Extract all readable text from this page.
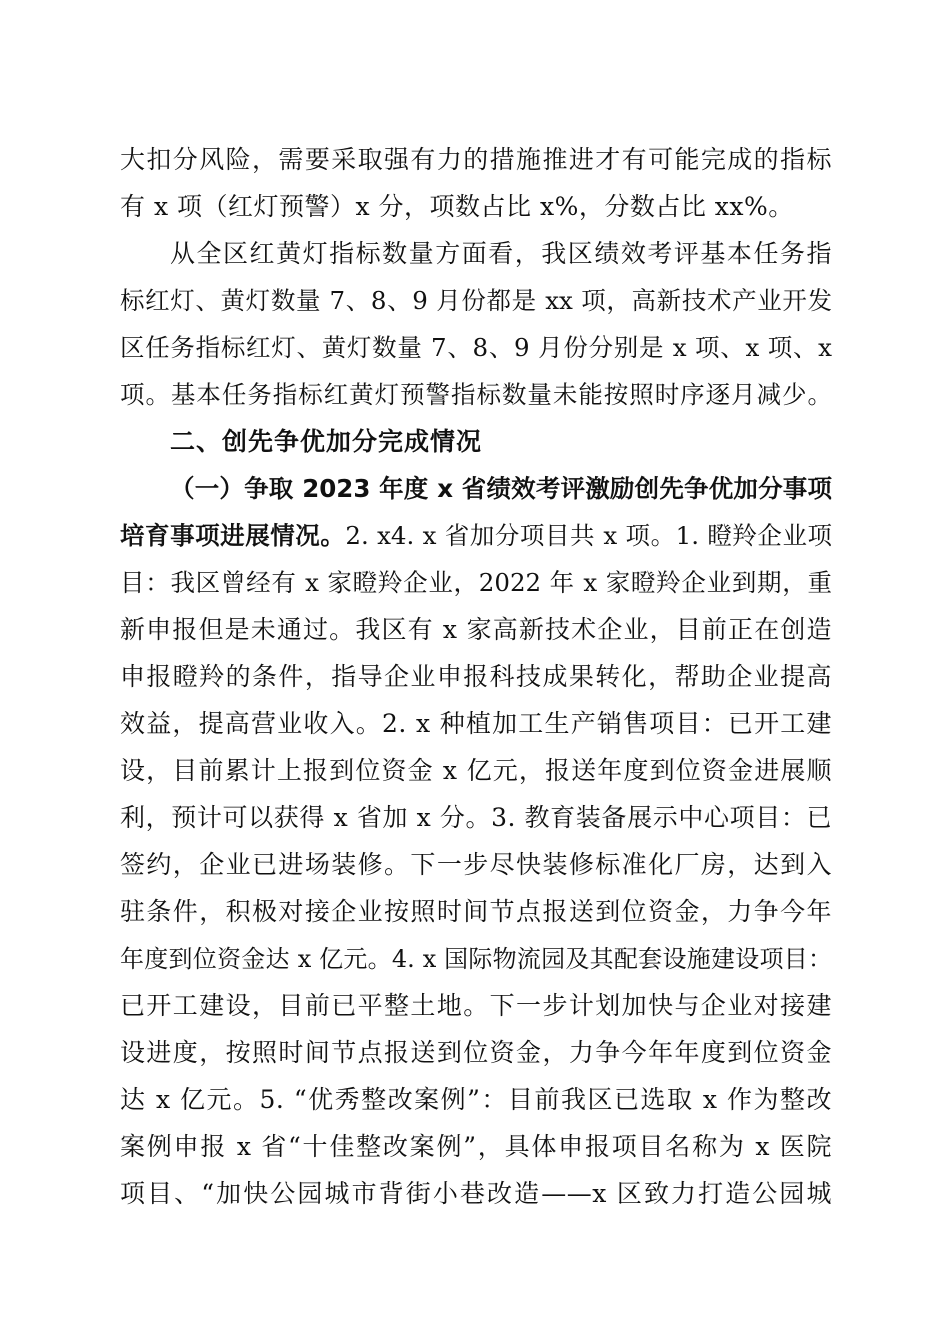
大扣分风险，需要采取强有力的措施推进才有可能完成的指标
有 x 项（红灯预警）x 分，项数占比 x%，分数占比 xx%。
从全区红黄灯指标数量方面看，我区绩效考评基本任务指
标红灯、黄灯数量 7、8、9 月份都是 xx 项，高新技术产业开发
区任务指标红灯、黄灯数量 7、8、9 月份分别是 x 项、x 项、x
项。基本任务指标红黄灯预警指标数量未能按照时序逐月减少。
二、创先争优加分完成情况
（一）争取 2023 年度 x 省绩效考评激励创先争优加分事项
培育事项进展情况。2. x4. x 省加分项目共 x 项。1. 瞪羚企业项
目：我区曾经有 x 家瞪羚企业，2022 年 x 家瞪羚企业到期，重
新申报但是未通过。我区有 x 家高新技术企业，目前正在创造
申报瞪羚的条件，指导企业申报科技成果转化，帮助企业提高
效益，提高营业收入。2. x 种植加工生产销售项目：已开工建
设，目前累计上报到位资金 x 亿元，报送年度到位资金进展顺
利，预计可以获得 x 省加 x 分。3. 教育装备展示中心项目：已
签约，企业已进场装修。下一步尽快装修标准化厂房，达到入
驻条件，积极对接企业按照时间节点报送到位资金，力争今年
年度到位资金达 x 亿元。4. x 国际物流园及其配套设施建设项目：
已开工建设，目前已平整土地。下一步计划加快与企业对接建
设进度，按照时间节点报送到位资金，力争今年年度到位资金
达 x 亿元。5. “优秀整改案例”：目前我区已选取 x 作为整改
案例申报 x 省“十佳整改案例”，具体申报项目名称为 x 医院
项目、“加快公园城市背街小巷改造——x 区致力打造公园城
